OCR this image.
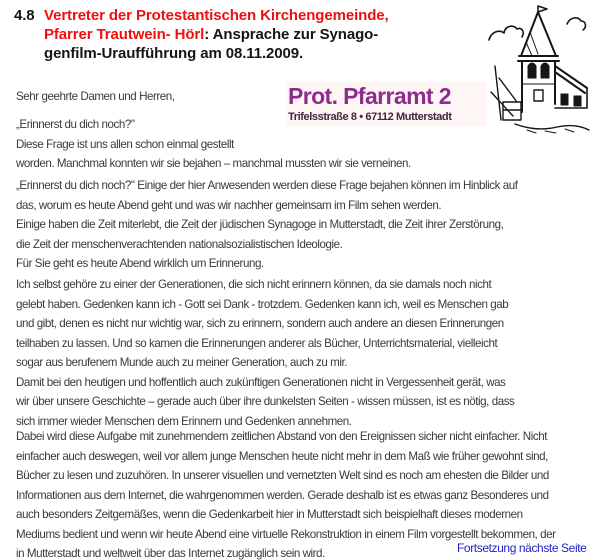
4.8 Vertreter der Protestantischen Kirchengemeinde,
Pfarrer Trautwein- Hörl: Ansprache zur Synago-
genfilm-Uraufführung am 08.11.2009.
Prot. Pfarramt 2
Trifelsstraße 8 • 67112 Mutterstadt
Sehr geehrte Damen und Herren,
„Erinnerst du dich noch?"
Diese Frage ist uns allen schon einmal gestellt
worden. Manchmal konnten wir sie bejahen – manchmal mussten wir sie verneinen.
„Erinnerst du dich noch?" Einige der hier Anwesenden werden diese Frage bejahen können im Hinblick auf
das, worum es heute Abend geht und was wir nachher gemeinsam im Film sehen werden.
Einige haben die Zeit miterlebt, die Zeit der jüdischen Synagoge in Mutterstadt, die Zeit ihrer Zerstörung,
die Zeit der menschenverachtenden nationalsozialistischen Ideologie.
Für Sie geht es heute Abend wirklich um Erinnerung.
Ich selbst gehöre zu einer der Generationen, die sich nicht erinnern können, da sie damals noch nicht
gelebt haben. Gedenken kann ich - Gott sei Dank - trotzdem. Gedenken kann ich, weil es Menschen gab
und gibt, denen es nicht nur wichtig war, sich zu erinnern, sondern auch andere an diesen Erinnerungen
teilhaben zu lassen. Und so kamen die Erinnerungen anderer als Bücher, Unterrichtsmaterial, vielleicht
sogar aus berufenem Munde auch zu meiner Generation, auch zu mir.
Damit bei den heutigen und hoffentlich auch zukünftigen Generationen nicht in Vergessenheit gerät, was
wir über unsere Geschichte – gerade auch über ihre dunkelsten Seiten - wissen müssen, ist es nötig, dass
sich immer wieder Menschen dem Erinnern und Gedenken annehmen.
Dabei wird diese Aufgabe mit zunehmendem zeitlichen Abstand von den Ereignissen sicher nicht einfacher. Nicht
einfacher auch deswegen, weil vor allem junge Menschen heute nicht mehr in dem Maß wie früher gewohnt sind,
Bücher zu lesen und zuzuhören. In unserer visuellen und vernetzten Welt sind es noch am ehesten die Bilder und
Informationen aus dem Internet, die wahrgenommen werden. Gerade deshalb ist es etwas ganz Besonderes und
auch besonders Zeitgemäßes, wenn die Gedenkarbeit hier in Mutterstadt sich beispielhaft dieses modernen
Mediums bedient und wenn wir heute Abend eine virtuelle Rekonstruktion in einem Film vorgestellt bekommen, der
in Mutterstadt und weltweit über das Internet zugänglich sein wird.	Fortsetzung nächste Seite
